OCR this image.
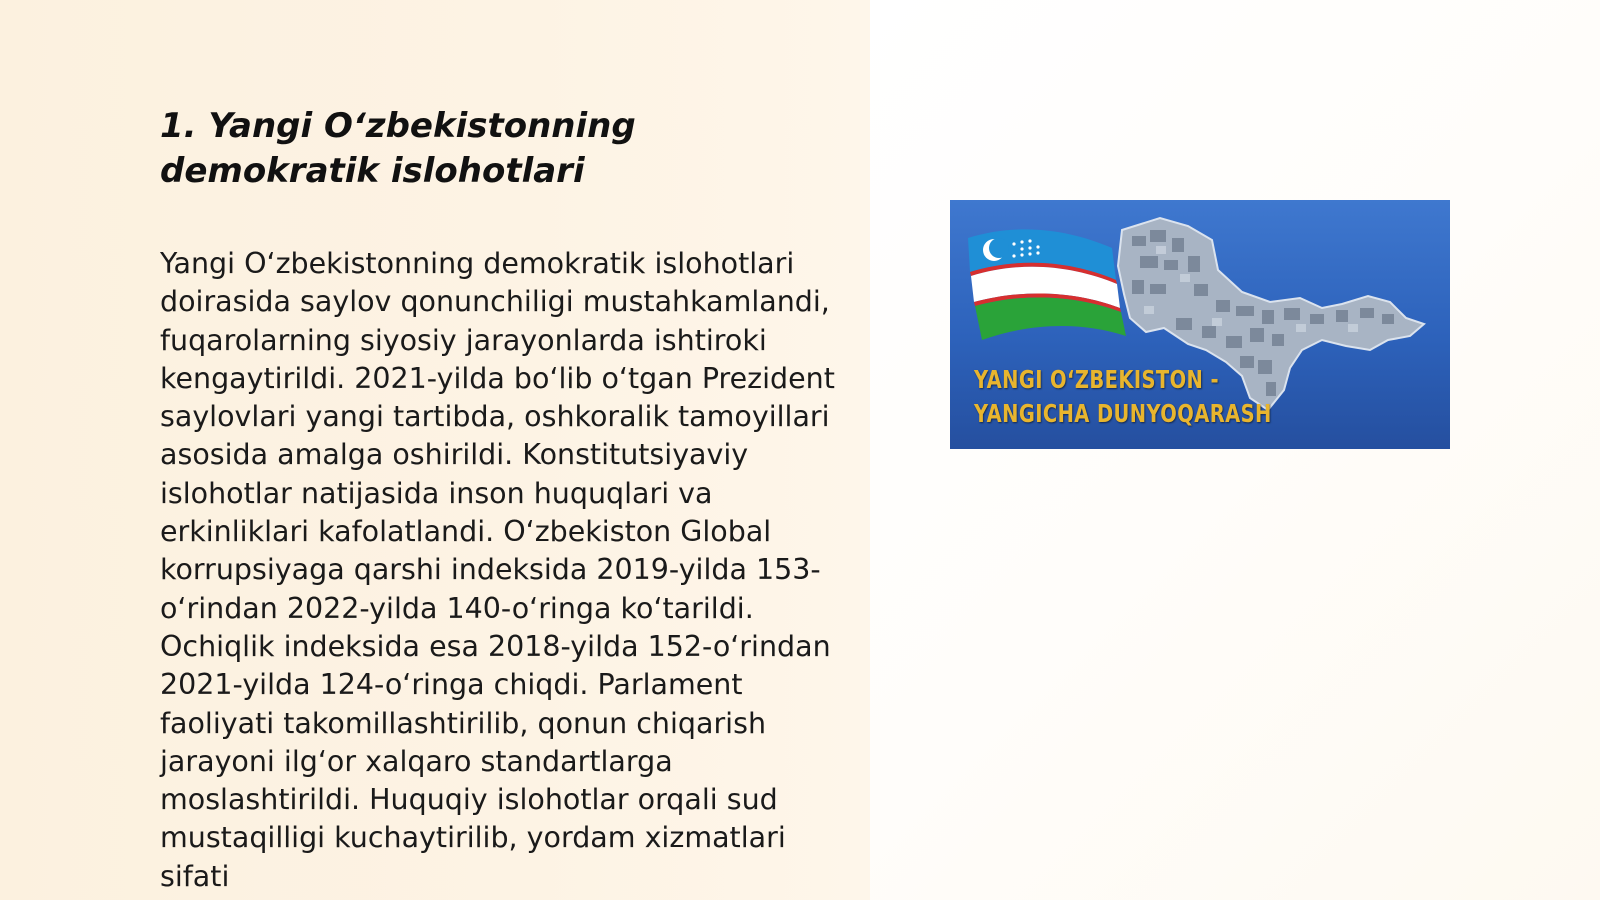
1. Yangi O‘zbekistonning demokratik islohotlari

Yangi O‘zbekistonning demokratik islohotlari doirasida saylov qonunchiligi mustahkamlandi, fuqarolarning siyosiy jarayonlarda ishtiroki kengaytirildi. 2021-yilda bo‘lib o‘tgan Prezident saylovlari yangi tartibda, oshkoralik tamoyillari asosida amalga oshirildi. Konstitutsiyaviy islohotlar natijasida inson huquqlari va erkinliklari kafolatlandi. O‘zbekiston Global korrupsiyaga qarshi indeksida 2019-yilda 153-o‘rindan 2022-yilda 140-o‘ringa ko‘tarildi. Ochiqlik indeksida esa 2018-yilda 152-o‘rindan 2021-yilda 124-o‘ringa chiqdi. Parlament faoliyati takomillashtirilib, qonun chiqarish jarayoni ilg‘or xalqaro standartlarga moslashtirildi. Huquqiy islohotlar orqali sud mustaqilligi kuchaytirilib, yordam xizmatlari sifati

YANGI O‘ZBEKISTON -
YANGICHA DUNYOQARASH
